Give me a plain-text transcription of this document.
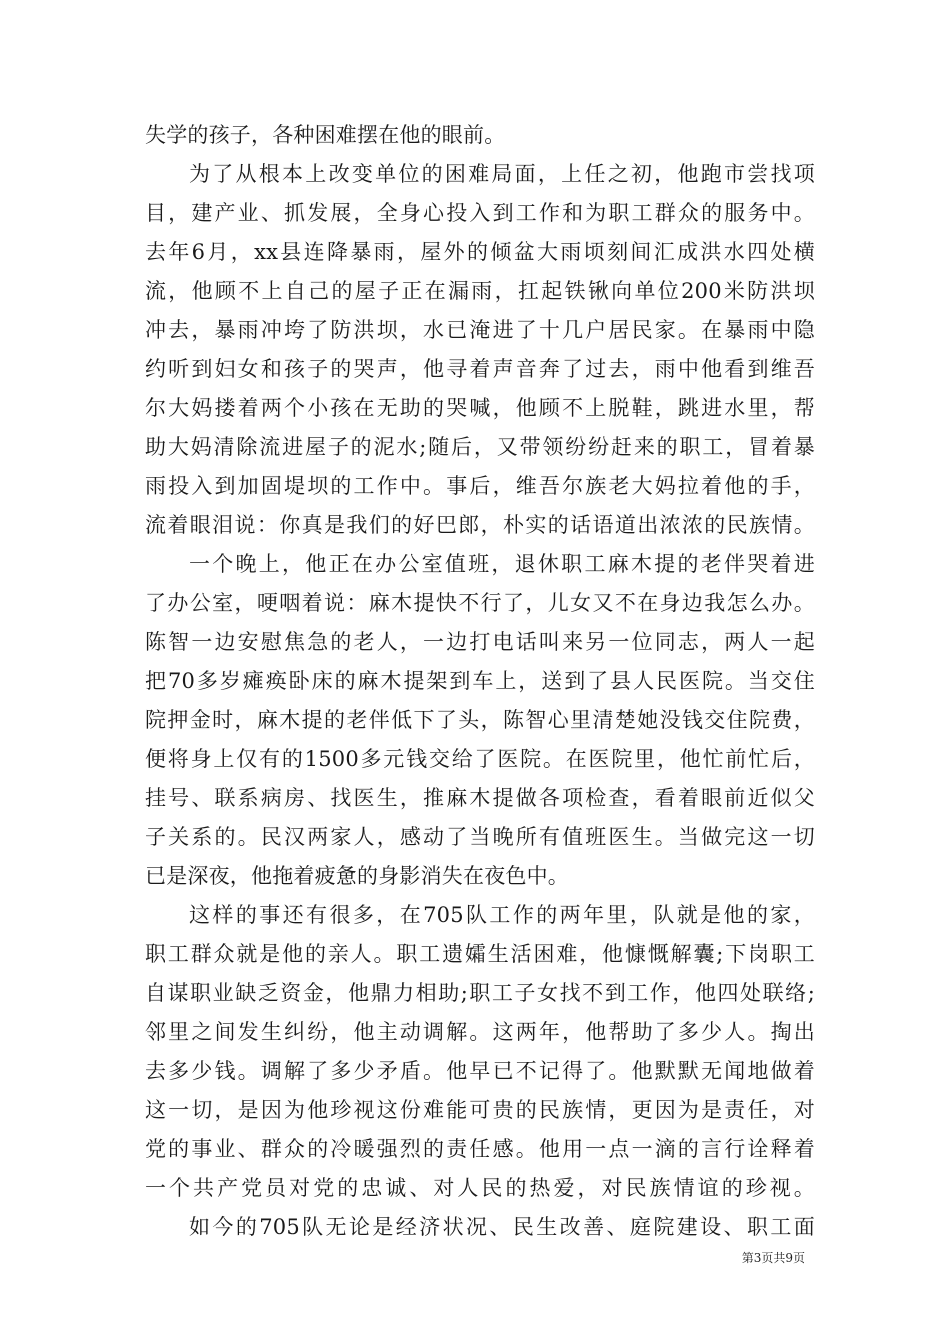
失学的孩子，各种困难摆在他的眼前。
为了从根本上改变单位的困难局面，上任之初，他跑市尝找项
目，建产业、抓发展，全身心投入到工作和为职工群众的服务中。
去年6月，xx县连降暴雨，屋外的倾盆大雨顷刻间汇成洪水四处横
流，他顾不上自己的屋子正在漏雨，扛起铁锹向单位200米防洪坝
冲去，暴雨冲垮了防洪坝，水已淹进了十几户居民家。在暴雨中隐
约听到妇女和孩子的哭声，他寻着声音奔了过去，雨中他看到维吾
尔大妈搂着两个小孩在无助的哭喊，他顾不上脱鞋，跳进水里，帮
助大妈清除流进屋子的泥水;随后，又带领纷纷赶来的职工，冒着暴
雨投入到加固堤坝的工作中。事后，维吾尔族老大妈拉着他的手，
流着眼泪说：你真是我们的好巴郎，朴实的话语道出浓浓的民族情。
一个晚上，他正在办公室值班，退休职工麻木提的老伴哭着进
了办公室，哽咽着说：麻木提快不行了，儿女又不在身边我怎么办。
陈智一边安慰焦急的老人，一边打电话叫来另一位同志，两人一起
把70多岁瘫痪卧床的麻木提架到车上，送到了县人民医院。当交住
院押金时，麻木提的老伴低下了头，陈智心里清楚她没钱交住院费，
便将身上仅有的1500多元钱交给了医院。在医院里，他忙前忙后，
挂号、联系病房、找医生，推麻木提做各项检查，看着眼前近似父
子关系的。民汉两家人，感动了当晚所有值班医生。当做完这一切
已是深夜，他拖着疲惫的身影消失在夜色中。
这样的事还有很多，在705队工作的两年里，队就是他的家，
职工群众就是他的亲人。职工遗孀生活困难，他慷慨解囊;下岗职工
自谋职业缺乏资金，他鼎力相助;职工子女找不到工作，他四处联络;
邻里之间发生纠纷，他主动调解。这两年，他帮助了多少人。掏出
去多少钱。调解了多少矛盾。他早已不记得了。他默默无闻地做着
这一切，是因为他珍视这份难能可贵的民族情，更因为是责任，对
党的事业、群众的冷暖强烈的责任感。他用一点一滴的言行诠释着
一个共产党员对党的忠诚、对人民的热爱，对民族情谊的珍视。
如今的705队无论是经济状况、民生改善、庭院建设、职工面
第3页共9页
